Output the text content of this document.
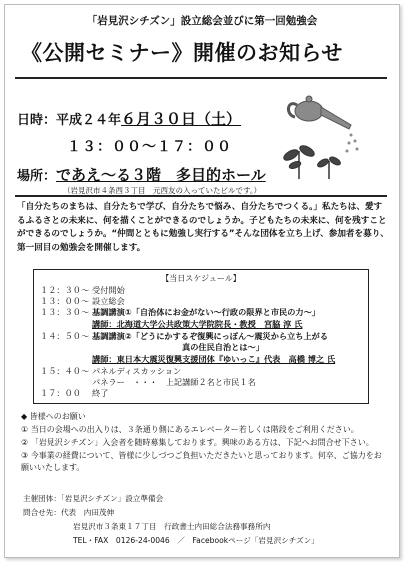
「岩見沢シチズン」設立総会並びに第一回勉強会
《公開セミナー》開催のお知らせ
日時：平成２４年６月３０日（土）
１３：００～１７：００
場所：であえ～る３階　多目的ホール
（岩見沢市４条西３丁目　元西友の入っていたビルです。）
「自分たちのまちは、自分たちで学び、自分たちで悩み、自分たちでつくる。」私たちは、愛するふるさとの未来に、何を描くことができるのでしょうか。子どもたちの未来に、何を残すことができるのでしょうか。“仲間とともに勉強し実行する”そんな団体を立ち上げ、参加者を募り、第一回目の勉強会を開催します。
【当日スケジュール】
１２：３０～ 受付開始
１３：００～ 設立総会
１３：３０～ 基調講演①「自治体にお金がない～行政の限界と市民の力～」
講師：北海道大学公共政策大学院院長・教授　宮脇 淳 氏
１４：５０～ 基調講演②「どうにかするぞ復興にっぽん～震災から立ち上がる
真の住民自治とは～」
講師：東日本大震災復興支援団体『ゆいっこ』代表　高橋 博之 氏
１５：４０～ パネルディスカッション
パネラー　・・・　上記講師２名と市民１名
１７：００	終了
◆ 皆様へのお願い
① 当日の会場への出入りは、３条通り側にあるエレベーター若しくは階段をご利用ください。
② 「岩見沢シチズン」入会者を随時募集しております。興味のある方は、下記へお問合せ下さい。
③ 今事業の経費について、皆様に少しづつご負担いただきたいと思っております。何卒、ご協力をお願いいたします。
主催団体：「岩見沢シチズン」設立準備会
問合せ先：代表　内田茂伸
岩見沢市３条東１７丁目　行政書士内田総合法務事務所内
TEL・FAX　0126-24-0046　／　Facebookページ「岩見沢シチズン」
